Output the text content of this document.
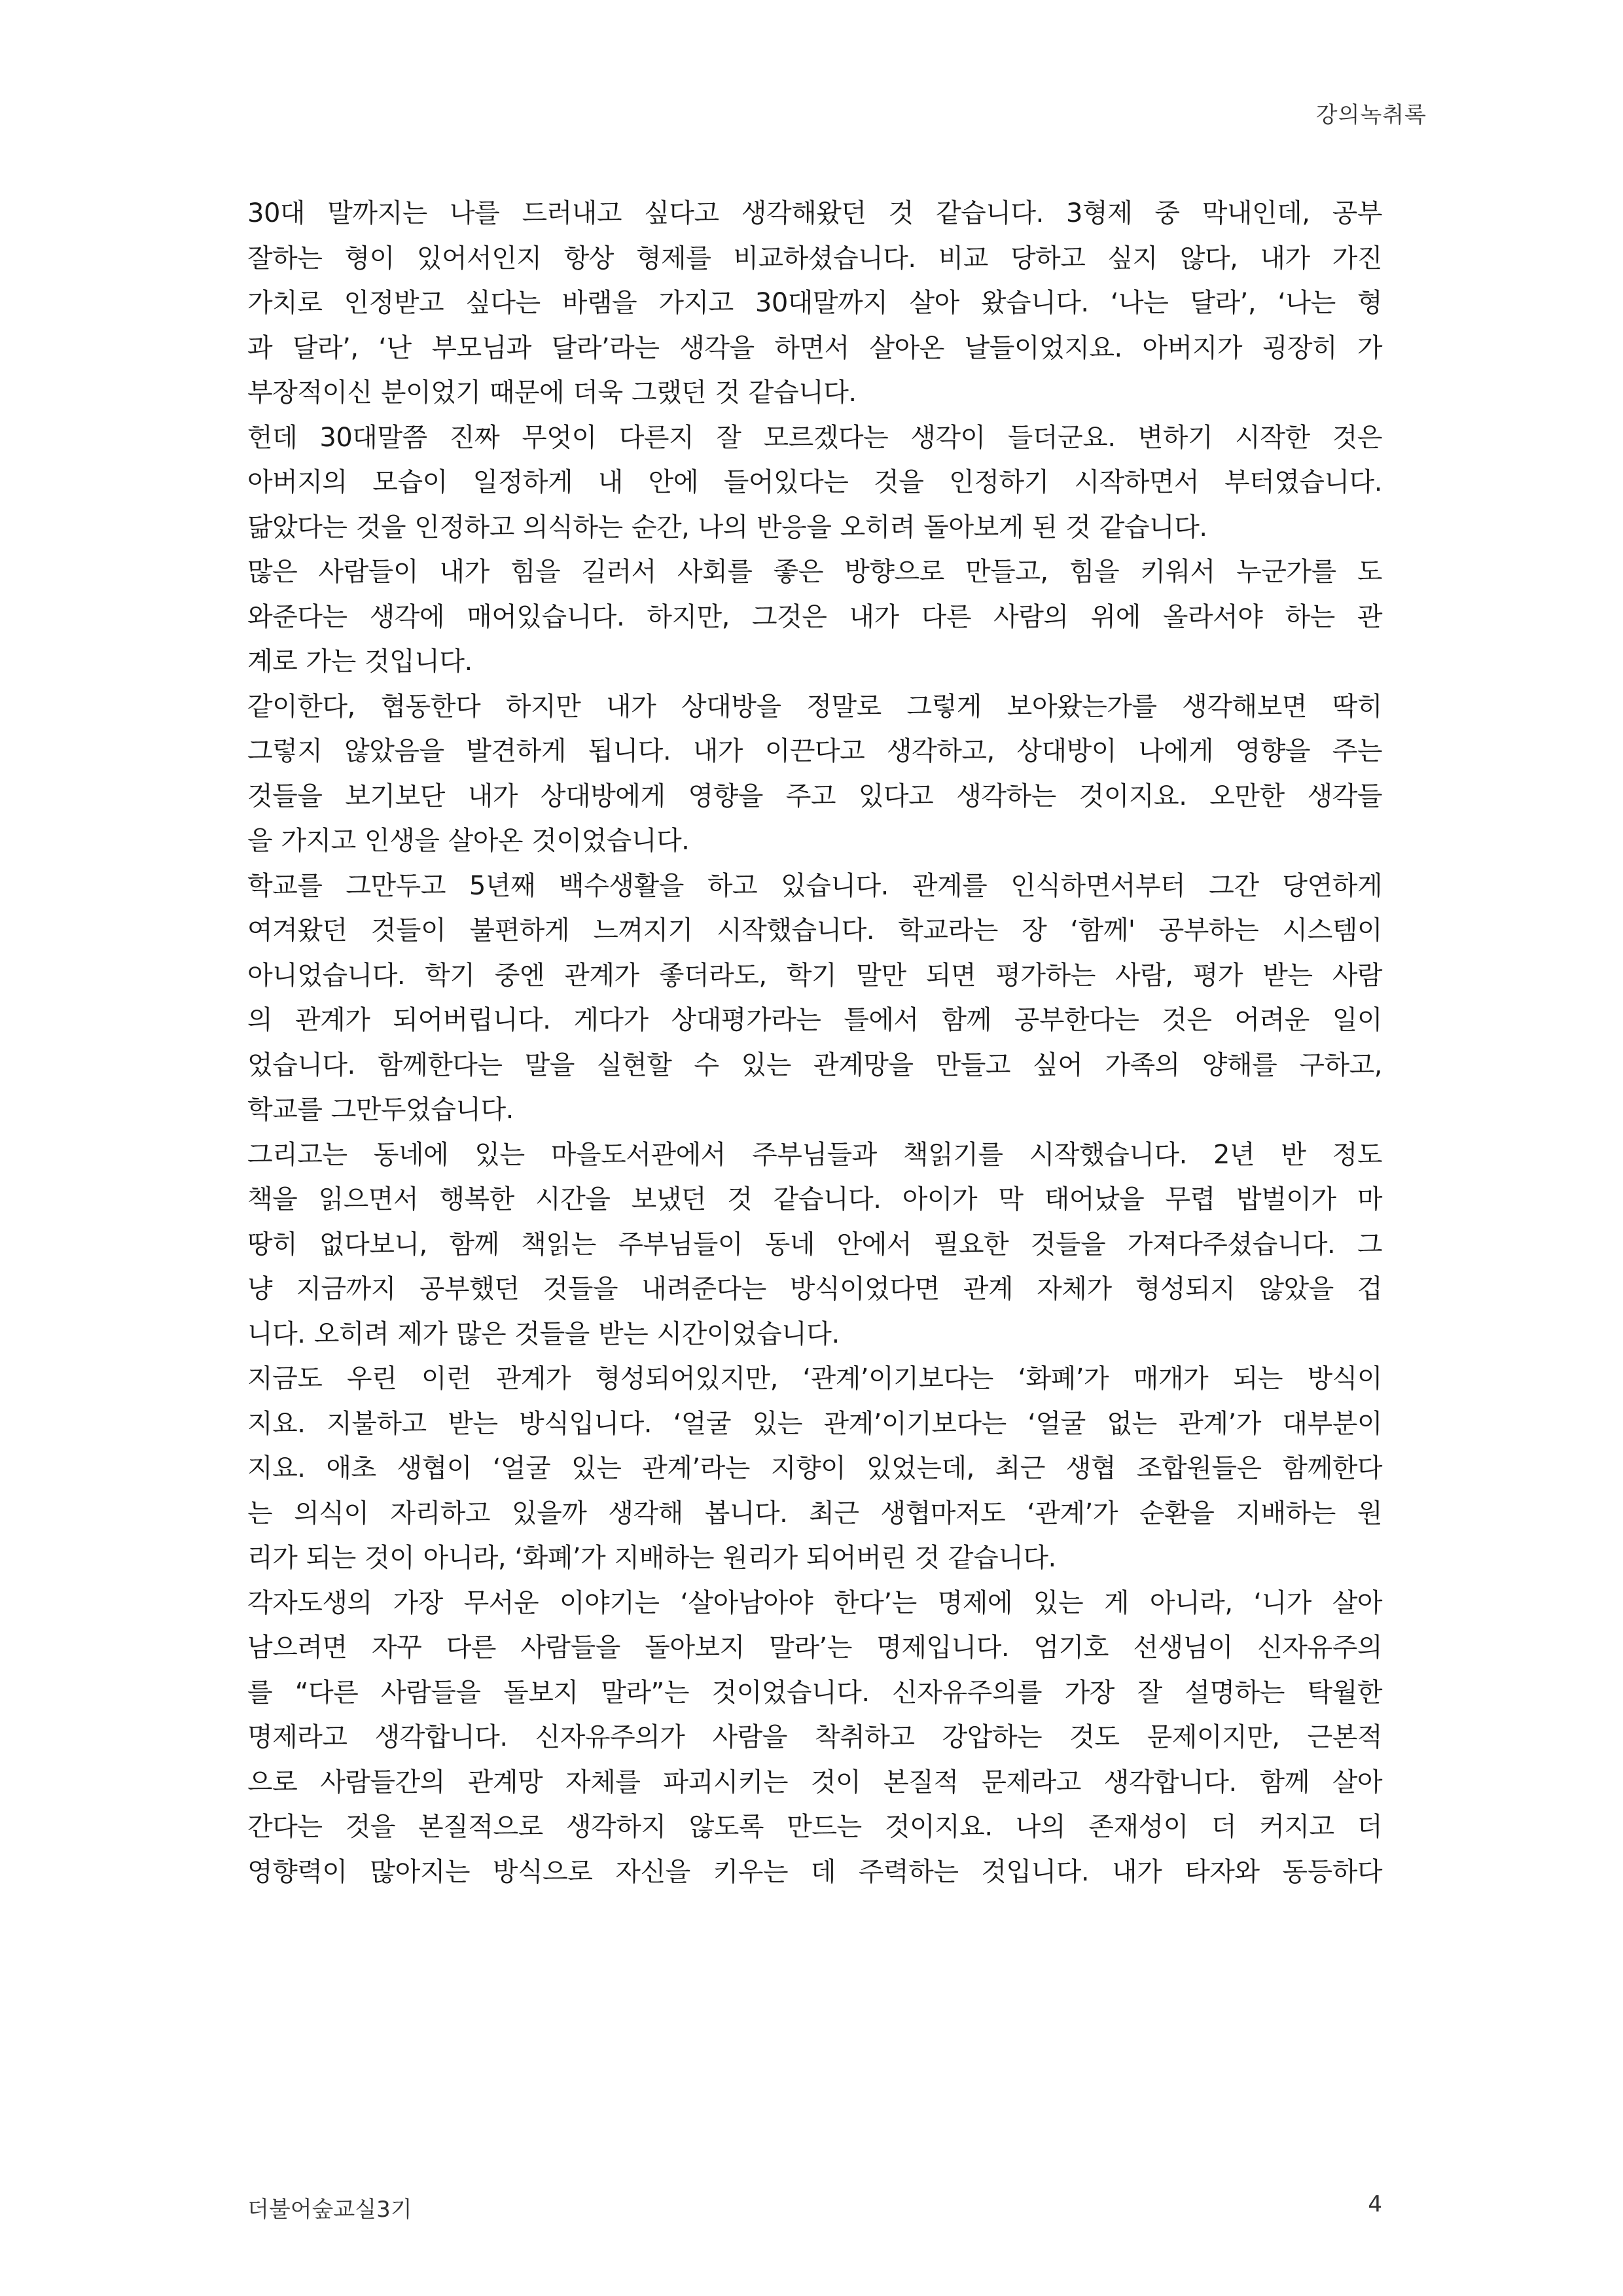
강의녹취록
30대 말까지는 나를 드러내고 싶다고 생각해왔던 것 같습니다. 3형제 중 막내인데, 공부
잘하는 형이 있어서인지 항상 형제를 비교하셨습니다. 비교 당하고 싶지 않다, 내가 가진
가치로 인정받고 싶다는 바램을 가지고 30대말까지 살아 왔습니다. ‘나는 달라’, ‘나는 형
과 달라’, ‘난 부모님과 달라’라는 생각을 하면서 살아온 날들이었지요. 아버지가 굉장히 가
부장적이신 분이었기 때문에 더욱 그랬던 것 같습니다.
헌데 30대말쯤 진짜 무엇이 다른지 잘 모르겠다는 생각이 들더군요. 변하기 시작한 것은
아버지의 모습이 일정하게 내 안에 들어있다는 것을 인정하기 시작하면서 부터였습니다.
닮았다는 것을 인정하고 의식하는 순간, 나의 반응을 오히려 돌아보게 된 것 같습니다.
많은 사람들이 내가 힘을 길러서 사회를 좋은 방향으로 만들고, 힘을 키워서 누군가를 도
와준다는 생각에 매어있습니다. 하지만, 그것은 내가 다른 사람의 위에 올라서야 하는 관
계로 가는 것입니다.
같이한다, 협동한다 하지만 내가 상대방을 정말로 그렇게 보아왔는가를 생각해보면 딱히
그렇지 않았음을 발견하게 됩니다. 내가 이끈다고 생각하고, 상대방이 나에게 영향을 주는
것들을 보기보단 내가 상대방에게 영향을 주고 있다고 생각하는 것이지요. 오만한 생각들
을 가지고 인생을 살아온 것이었습니다.
학교를 그만두고 5년째 백수생활을 하고 있습니다. 관계를 인식하면서부터 그간 당연하게
여겨왔던 것들이 불편하게 느껴지기 시작했습니다. 학교라는 장 ‘함께' 공부하는 시스템이
아니었습니다. 학기 중엔 관계가 좋더라도, 학기 말만 되면 평가하는 사람, 평가 받는 사람
의 관계가 되어버립니다. 게다가 상대평가라는 틀에서 함께 공부한다는 것은 어려운 일이
었습니다. 함께한다는 말을 실현할 수 있는 관계망을 만들고 싶어 가족의 양해를 구하고,
학교를 그만두었습니다.
그리고는 동네에 있는 마을도서관에서 주부님들과 책읽기를 시작했습니다. 2년 반 정도
책을 읽으면서 행복한 시간을 보냈던 것 같습니다. 아이가 막 태어났을 무렵 밥벌이가 마
땅히 없다보니, 함께 책읽는 주부님들이 동네 안에서 필요한 것들을 가져다주셨습니다. 그
냥 지금까지 공부했던 것들을 내려준다는 방식이었다면 관계 자체가 형성되지 않았을 겁
니다. 오히려 제가 많은 것들을 받는 시간이었습니다.
지금도 우린 이런 관계가 형성되어있지만, ‘관계’이기보다는 ‘화폐’가 매개가 되는 방식이
지요. 지불하고 받는 방식입니다. ‘얼굴 있는 관계’이기보다는 ‘얼굴 없는 관계’가 대부분이
지요. 애초 생협이 ‘얼굴 있는 관계’라는 지향이 있었는데, 최근 생협 조합원들은 함께한다
는 의식이 자리하고 있을까 생각해 봅니다. 최근 생협마저도 ‘관계’가 순환을 지배하는 원
리가 되는 것이 아니라, ‘화폐’가 지배하는 원리가 되어버린 것 같습니다.
각자도생의 가장 무서운 이야기는 ‘살아남아야 한다’는 명제에 있는 게 아니라, ‘니가 살아
남으려면 자꾸 다른 사람들을 돌아보지 말라’는 명제입니다. 엄기호 선생님이 신자유주의
를 “다른 사람들을 돌보지 말라”는 것이었습니다. 신자유주의를 가장 잘 설명하는 탁월한
명제라고 생각합니다. 신자유주의가 사람을 착취하고 강압하는 것도 문제이지만, 근본적
으로 사람들간의 관계망 자체를 파괴시키는 것이 본질적 문제라고 생각합니다. 함께 살아
간다는 것을 본질적으로 생각하지 않도록 만드는 것이지요. 나의 존재성이 더 커지고 더
영향력이 많아지는 방식으로 자신을 키우는 데 주력하는 것입니다. 내가 타자와 동등하다
더불어숲교실3기	4
